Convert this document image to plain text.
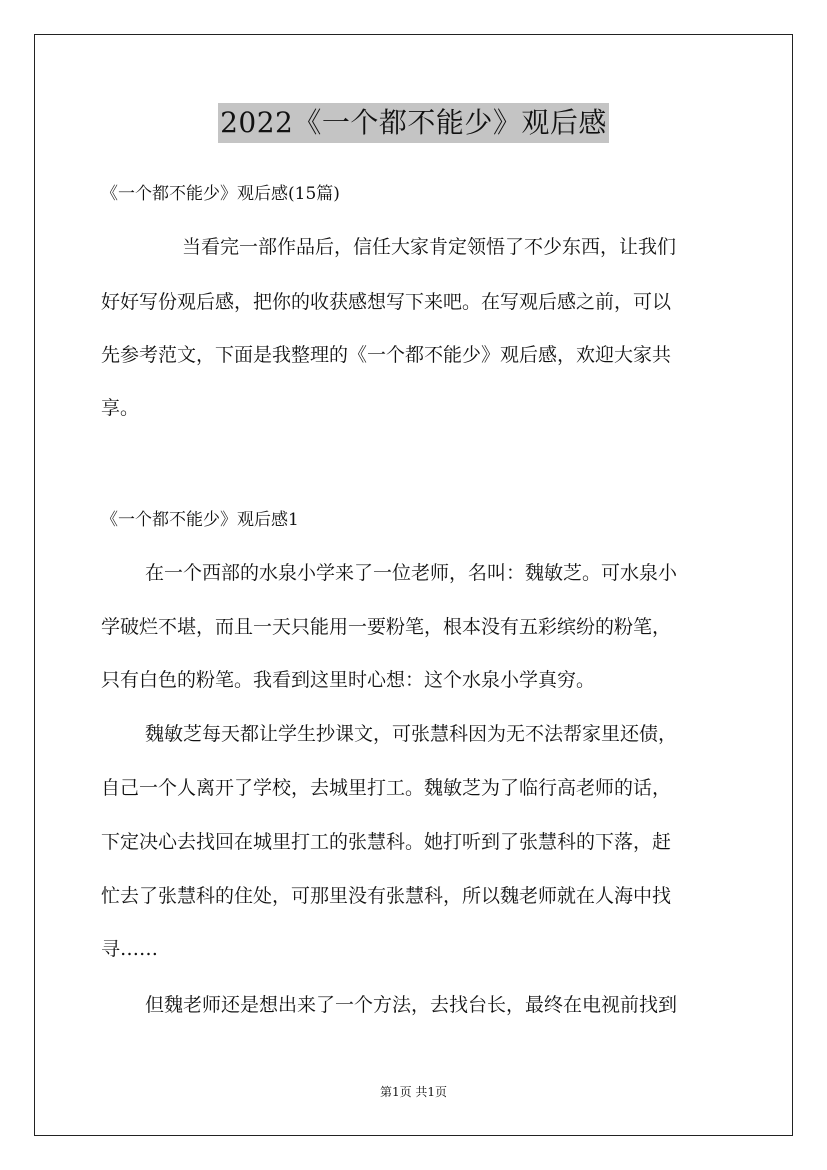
2022《一个都不能少》观后感
《一个都不能少》观后感(15篇)
当看完一部作品后，信任大家肯定领悟了不少东西，让我们
好好写份观后感，把你的收获感想写下来吧。在写观后感之前，可以
先参考范文，下面是我整理的《一个都不能少》观后感，欢迎大家共
享。
《一个都不能少》观后感1
在一个西部的水泉小学来了一位老师，名叫：魏敏芝。可水泉小
学破烂不堪，而且一天只能用一要粉笔，根本没有五彩缤纷的粉笔，
只有白色的粉笔。我看到这里时心想：这个水泉小学真穷。
魏敏芝每天都让学生抄课文，可张慧科因为无不法帮家里还债，
自己一个人离开了学校，去城里打工。魏敏芝为了临行高老师的话，
下定决心去找回在城里打工的张慧科。她打听到了张慧科的下落，赶
忙去了张慧科的住处，可那里没有张慧科，所以魏老师就在人海中找
寻……
但魏老师还是想出来了一个方法，去找台长，最终在电视前找到
第1页 共1页
